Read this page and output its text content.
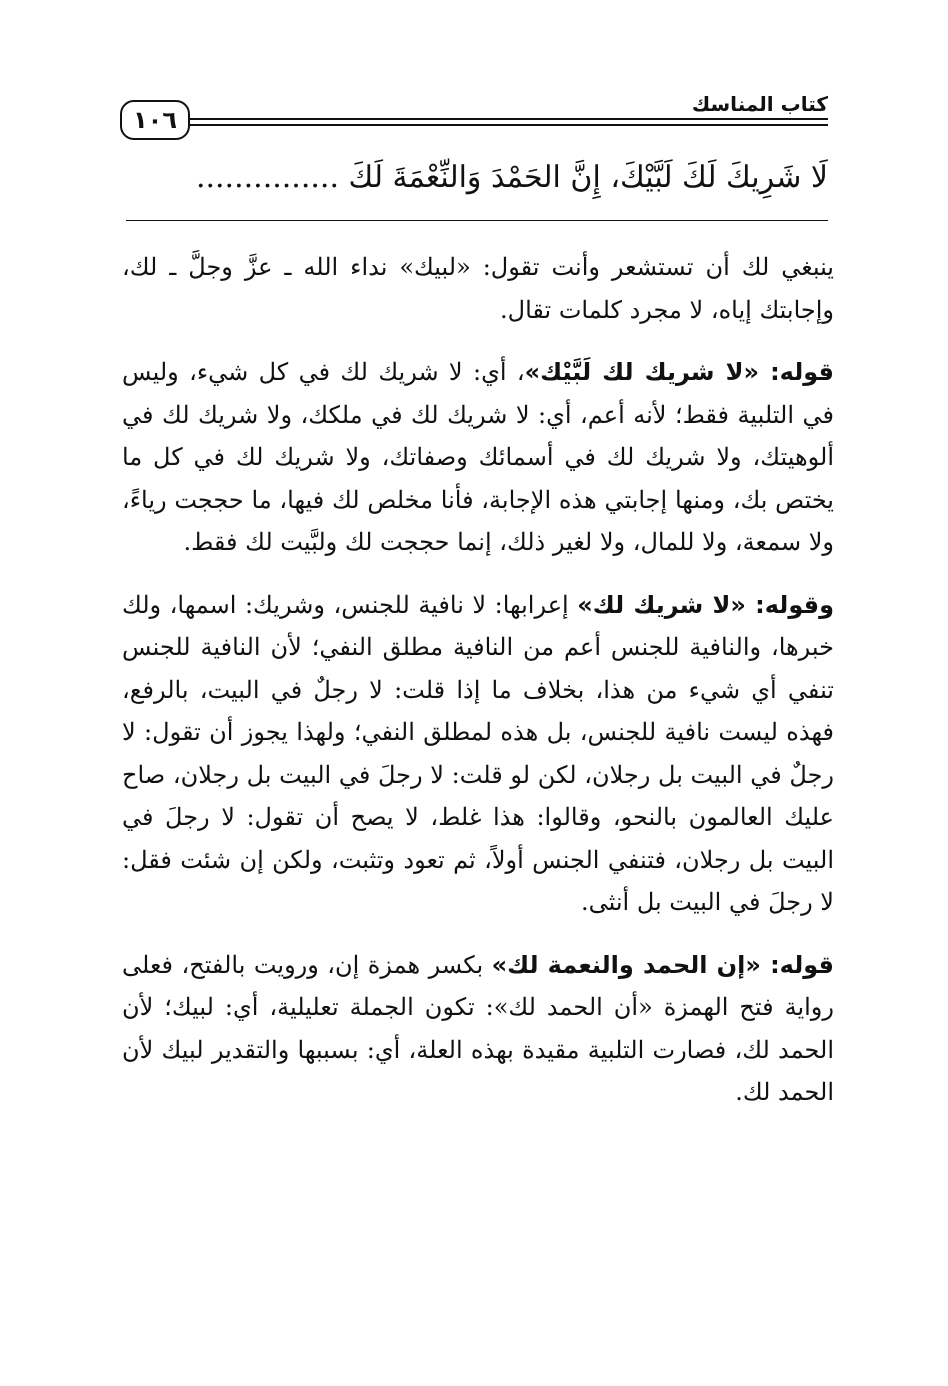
كتاب المناسك
١٠٦
لَا شَرِيكَ لَكَ لَبَّيْكَ، إِنَّ الحَمْدَ وَالنِّعْمَةَ لَكَ ...............

ينبغي لك أن تستشعر وأنت تقول: «لبيك» نداء الله ـ عزَّ وجلَّ ـ لك، وإجابتك إياه، لا مجرد كلمات تقال.

قوله: «لا شريك لك لَبَّيْك»، أي: لا شريك لك في كل شيء، وليس في التلبية فقط؛ لأنه أعم، أي: لا شريك لك في ملكك، ولا شريك لك في ألوهيتك، ولا شريك لك في أسمائك وصفاتك، ولا شريك لك في كل ما يختص بك، ومنها إجابتي هذه الإجابة، فأنا مخلص لك فيها، ما حججت رياءً، ولا سمعة، ولا للمال، ولا لغير ذلك، إنما حججت لك ولبَّيت لك فقط.

وقوله: «لا شريك لك» إعرابها: لا نافية للجنس، وشريك: اسمها، ولك خبرها، والنافية للجنس أعم من النافية مطلق النفي؛ لأن النافية للجنس تنفي أي شيء من هذا، بخلاف ما إذا قلت: لا رجلٌ في البيت، بالرفع، فهذه ليست نافية للجنس، بل هذه لمطلق النفي؛ ولهذا يجوز أن تقول: لا رجلٌ في البيت بل رجلان، لكن لو قلت: لا رجلَ في البيت بل رجلان، صاح عليك العالمون بالنحو، وقالوا: هذا غلط، لا يصح أن تقول: لا رجلَ في البيت بل رجلان، فتنفي الجنس أولاً، ثم تعود وتثبت، ولكن إن شئت فقل: لا رجلَ في البيت بل أنثى.

قوله: «إن الحمد والنعمة لك» بكسر همزة إن، ورويت بالفتح، فعلى رواية فتح الهمزة «أن الحمد لك»: تكون الجملة تعليلية، أي: لبيك؛ لأن الحمد لك، فصارت التلبية مقيدة بهذه العلة، أي: بسببها والتقدير لبيك لأن الحمد لك.
